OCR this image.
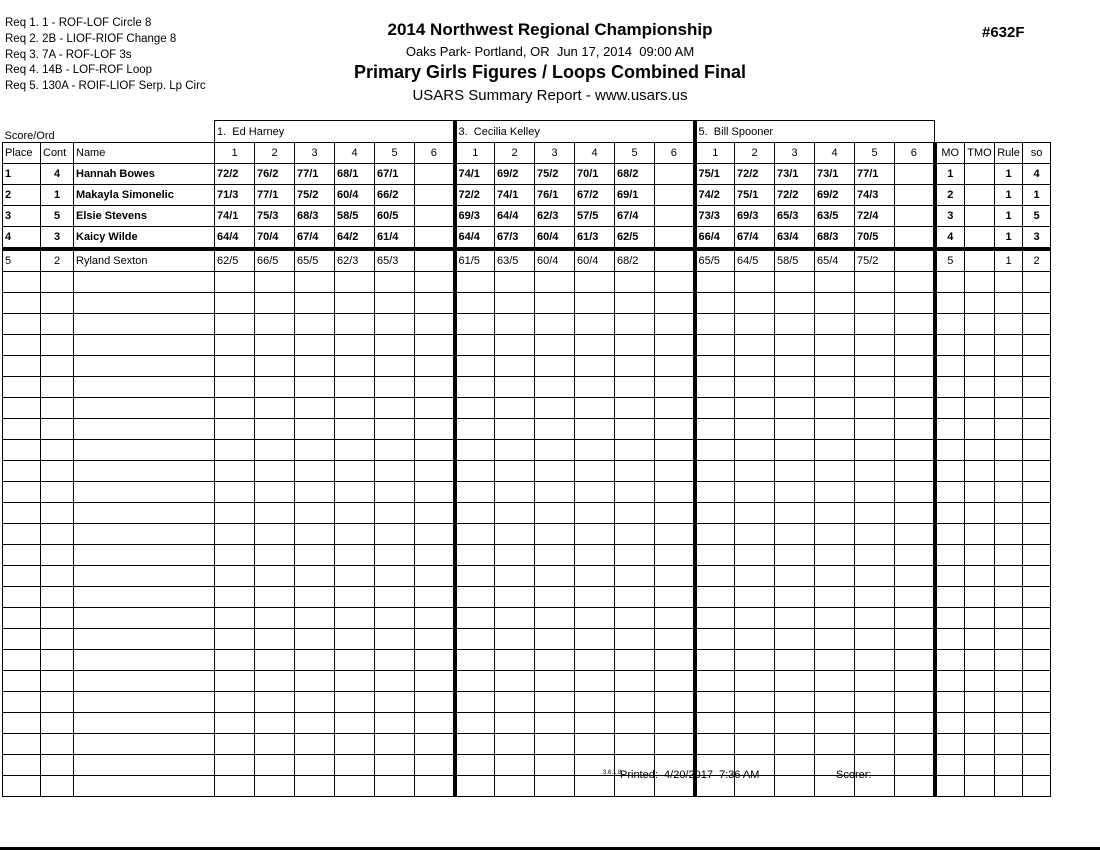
Req 1. 1 - ROF-LOF Circle 8
Req 2. 2B - LIOF-RIOF Change 8
Req 3. 7A - ROF-LOF 3s
Req 4. 14B - LOF-ROF Loop
Req 5. 130A - ROIF-LIOF Serp. Lp Circ
2014 Northwest Regional Championship
Oaks Park- Portland, OR  Jun 17, 2014  09:00 AM
Primary Girls Figures / Loops Combined Final
USARS Summary Report - www.usars.us
#632F
Score/Ord			1.  Ed Harney						3.  Cecilia Kelley						5.  Bill Spooner									
Place	Cont	Name	1	2	3	4	5	6	1	2	3	4	5	6	1	2	3	4	5	6	MO	TMO	Rule	so
1	4	Hannah Bowes	72/2	76/2	77/1	68/1	67/1		74/1	69/2	75/2	70/1	68/2		75/1	72/2	73/1	73/1	77/1		1		1	4
2	1	Makayla Simonelic	71/3	77/1	75/2	60/4	66/2		72/2	74/1	76/1	67/2	69/1		74/2	75/1	72/2	69/2	74/3		2		1	1
3	5	Elsie Stevens	74/1	75/3	68/3	58/5	60/5		69/3	64/4	62/3	57/5	67/4		73/3	69/3	65/3	63/5	72/4		3		1	5
4	3	Kaicy Wilde	64/4	70/4	67/4	64/2	61/4		64/4	67/3	60/4	61/3	62/5		66/4	67/4	63/4	68/3	70/5		4		1	3
5	2	Ryland Sexton	62/5	66/5	65/5	62/3	65/3		61/5	63/5	60/4	60/4	68/2		65/5	64/5	58/5	65/4	75/2		5		1	2

3.6.1.8
Printed:  4/20/2017  7:36 AM	Scorer:
